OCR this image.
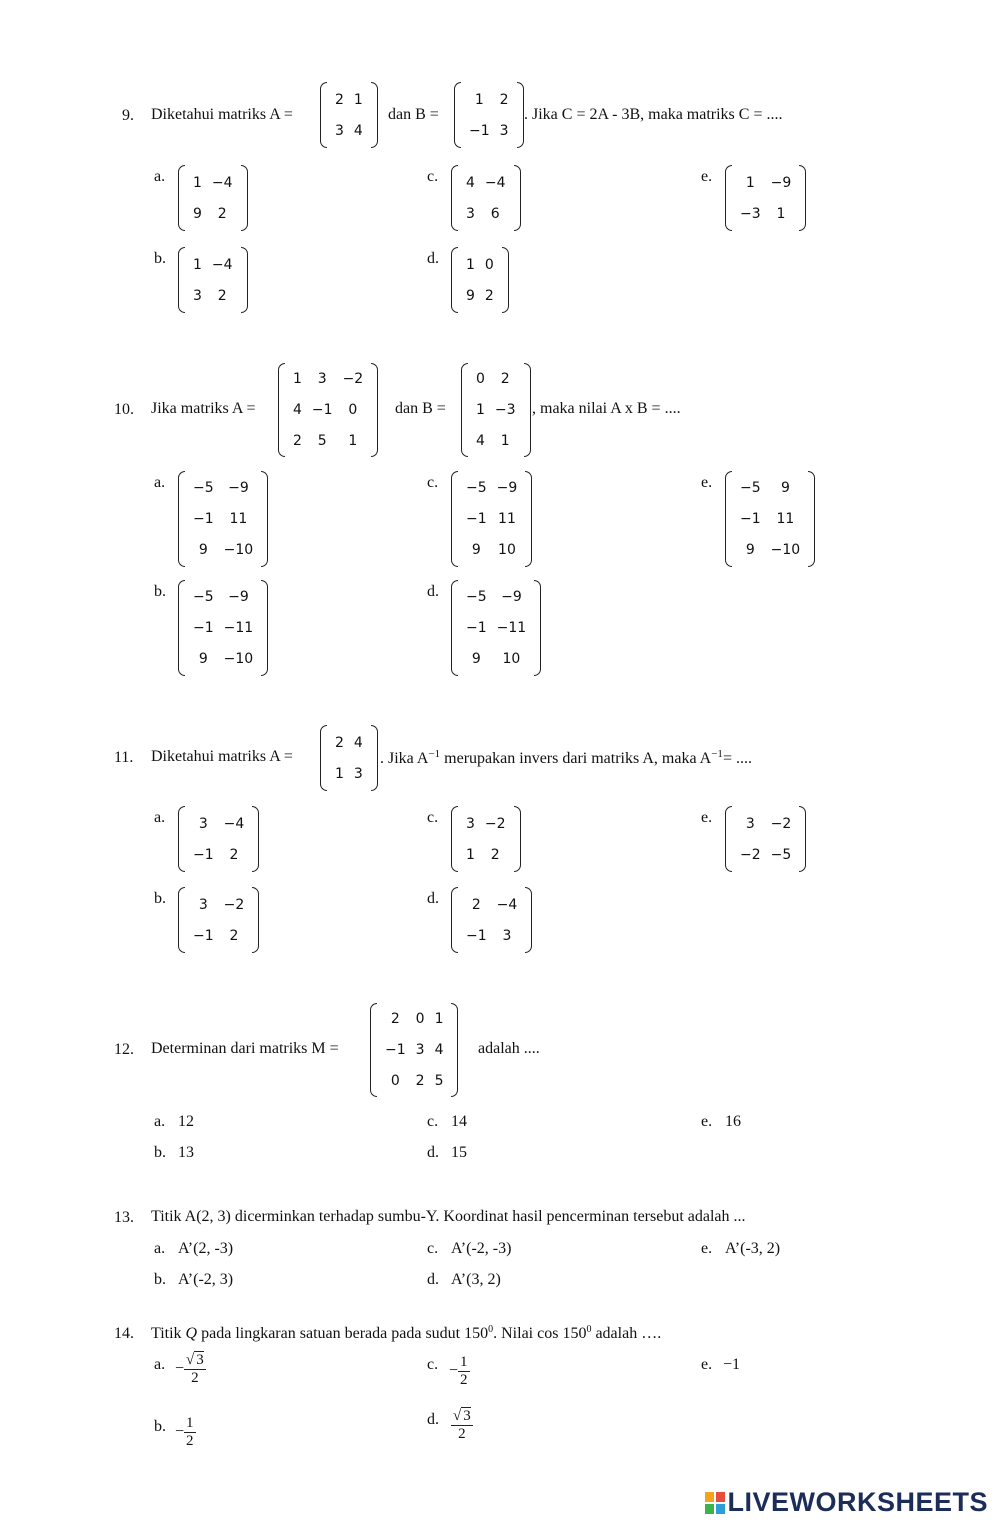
9. Diketahui matriks A =
2	1
3	4
dan B =
1	2
−1	3
. Jika C = 2A - 3B, maka matriks C = ....
10. Jika matriks A =
1	3	−2
4	−1	0
2	5	1
dan B =
0	2
1	−3
4	1
, maka nilai A x B = ....
11. Diketahui matriks A =
2	4
1	3
. Jika $A^{-1}$ merupakan invers dari matriks A, maka $A^{-1}=$ ....
12. Determinan dari matriks M =
2	0	1
−1	3	4
0	2	5
adalah ....
13. Titik A(2, 3) dicerminkan terhadap sumbu-Y. Koordinat hasil pencerminan tersebut adalah ...
14. Titik Q pada lingkaran satuan berada pada sudut $150^0$. Nilai $\cos 150^0$ adalah ….
a. − $\frac{√ 3}{2}$	c. − $\frac{1}{2}$	e. −1
b. − $\frac{1}{2}$	d. $\frac{√ 3}{2}$
LIVEWORKSHEETS
a. 1	−4
9	2
c. 4	−4
3	6
e. 1	−9
−3	1
b. 1	−4
3	2
d. 1	0
9	2
a. −5	−9
−1	11
9	−10
c. −5	−9
−1	11
9	10
e. −5	9
−1	11
9	−10
b. −5	−9
−1	−11
9	−10
d. −5	−9
−1	−11
9	10
a. 3	−4
−1	2
c. 3	−2
1	2
e. 3	−2
−2	−5
b. 3	−2
−1	2
d. 2	−4
−1	3
a. 12	c. 14	e. 16
b. 13	d. 15
a. A’(2, -3)	c. A’(-2, -3)	e. A’(-3, 2)
b. A’(-2, 3)	d. A’(3, 2)
